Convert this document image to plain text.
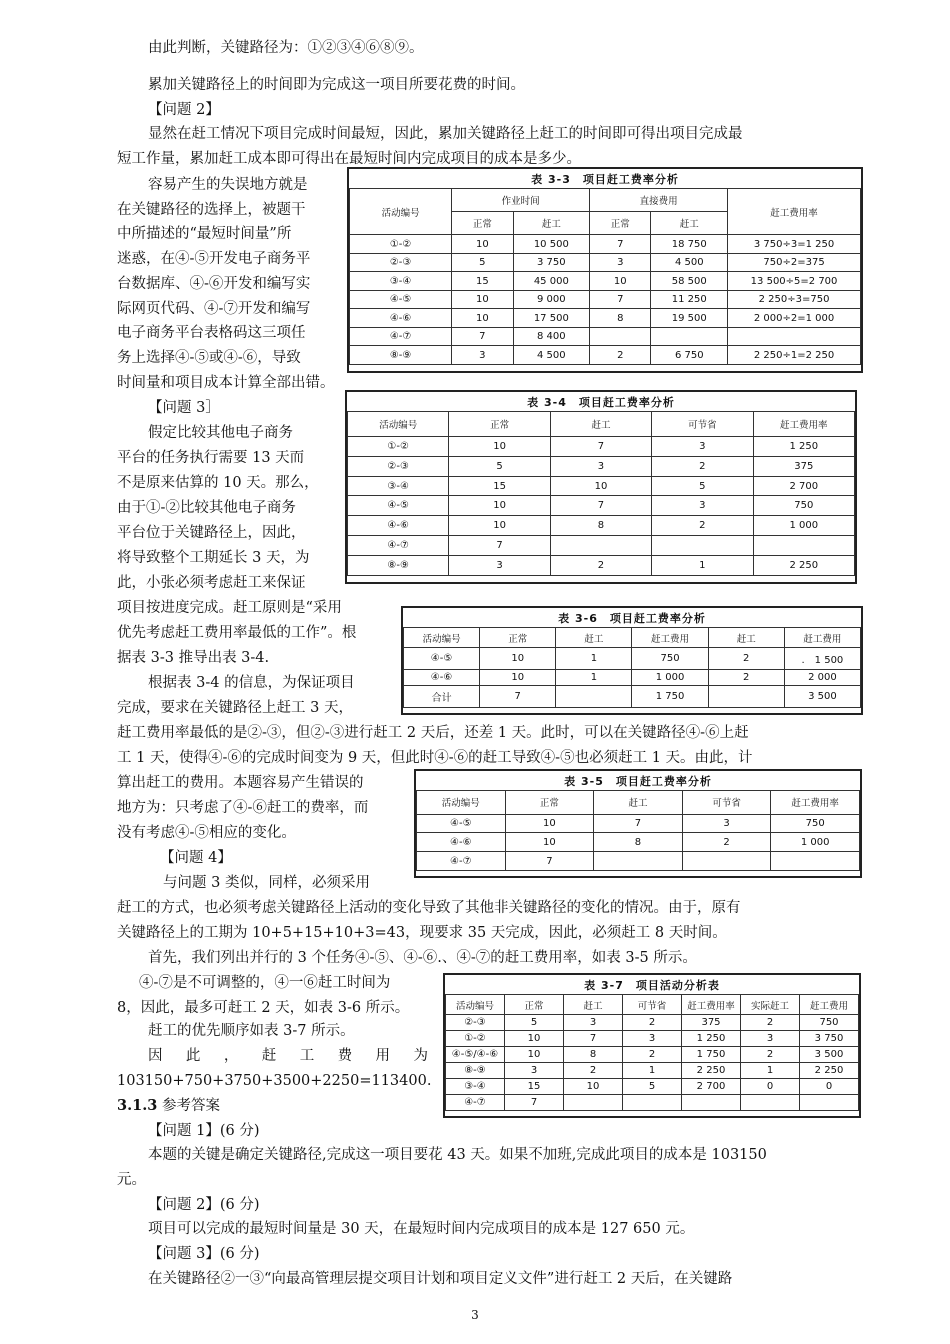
由此判断，关键路径为：①②③④⑥⑧⑨。
累加关键路径上的时间即为完成这一项目所要花费的时间。
【问题 2】
显然在赶工情况下项目完成时间最短，因此，累加关键路径上赶工的时间即可得出项目完成最
短工作量，累加赶工成本即可得出在最短时间内完成项目的成本是多少。
容易产生的失误地方就是
在关键路径的选择上，被题干
中所描述的“最短时间量”所
迷惑，在④-⑤开发电子商务平
台数据库、④-⑥开发和编写实
际网页代码、④-⑦开发和编写
电子商务平台表格码这三项任
务上选择④-⑤或④-⑥，导致
时间量和项目成本计算全部出错。
【问题 3］
假定比较其他电子商务
平台的任务执行需要 13 天而
不是原来估算的 10 天。那么，
由于①-②比较其他电子商务
平台位于关键路径上，因此，
将导致整个工期延长 3 天，为
此，小张必须考虑赶工来保证
项目按进度完成。赶工原则是“采用
优先考虑赶工费用率最低的工作”。根
据表 3-3 推导出表 3-4.
根据表 3-4 的信息，为保证项目
完成，要求在关键路径上赶工 3 天，
赶工费用率最低的是②-③，但②-③进行赶工 2 天后，还差 1 天。此时，可以在关键路径④-⑥上赶
工 1 天，使得④-⑥的完成时间变为 9 天，但此时④-⑥的赶工导致④-⑤也必须赶工 1 天。由此，计
算出赶工的费用。本题容易产生错误的
地方为：只考虑了④-⑥赶工的费率，而
没有考虑④-⑤相应的变化。
【问题 4】
与问题 3 类似，同样，必须采用
赶工的方式，也必须考虑关键路径上活动的变化导致了其他非关键路径的变化的情况。由于，原有
关键路径上的工期为 10+5+15+10+3=43，现要求 35 天完成，因此，必须赶工 8 天时间。
首先，我们列出并行的 3 个任务④-⑤、④-⑥.、④-⑦的赶工费用率，如表 3-5 所示。
④-⑦是不可调整的，④一⑥赶工时间为
8，因此，最多可赶工 2 天，如表 3-6 所示。
赶工的优先顺序如表 3-7 所示。
因 此 ， 赶 工 费 用 为
103150+750+3750+3500+2250=113400.
3.1.3 参考答案
【问题 1】(6 分)
本题的关键是确定关键路径,完成这一项目要花 43 天。如果不加班,完成此项目的成本是 103150
元。
【问题 2】(6 分)
项目可以完成的最短时间量是 30 天，在最短时间内完成项目的成本是 127 650 元。
【问题 3】(6 分)
在关键路径②一③“向最高管理层提交项目计划和项目定义文件”进行赶工 2 天后，在关键路
表 3-3　项目赶工费率分析
活动编号	作业时间		直接费用		赶工费用率
	正常	赶工	正常	赶工	
①-②	10	10 500	7	18 750	3 750÷3=1 250
②-③	5	3 750	3	4 500	750÷2=375
③-④	15	45 000	10	58 500	13 500÷5=2 700
④-⑤	10	9 000	7	11 250	2 250÷3=750
④-⑥	10	17 500	8	19 500	2 000÷2=1 000
④-⑦	7	8 400			
⑧-⑨	3	4 500	2	6 750	2 250÷1=2 250
表 3-4　项目赶工费率分析
活动编号	正常	赶工	可节省	赶工费用率
①-②	10	7	3	1 250
②-③	5	3	2	375
③-④	15	10	5	2 700
④-⑤	10	7	3	750
④-⑥	10	8	2	1 000
④-⑦	7			
⑧-⑨	3	2	1	2 250
表 3-6　项目赶工费率分析
活动编号	正常	赶工	赶工费用	赶工	赶工费用
④-⑤	10	1	750	2	.　1 500
④-⑥	10	1	1 000	2	2 000
合计	7		1 750		3 500
表 3-5　项目赶工费率分析
活动编号	正常	赶工	可节省	赶工费用率
④-⑤	10	7	3	750
④-⑥	10	8	2	1 000
④-⑦	7			
表 3-7　项目活动分析表
活动编号	正常	赶工	可节省	赶工费用率	实际赶工	赶工费用
②-③	5	3	2	375	2	750
①-②	10	7	3	1 250	3	3 750
④-⑤/④-⑥	10	8	2	1 750	2	3 500
⑧-⑨	3	2	1	2 250	1	2 250
③-④	15	10	5	2 700	0	0
④-⑦	7					
3
